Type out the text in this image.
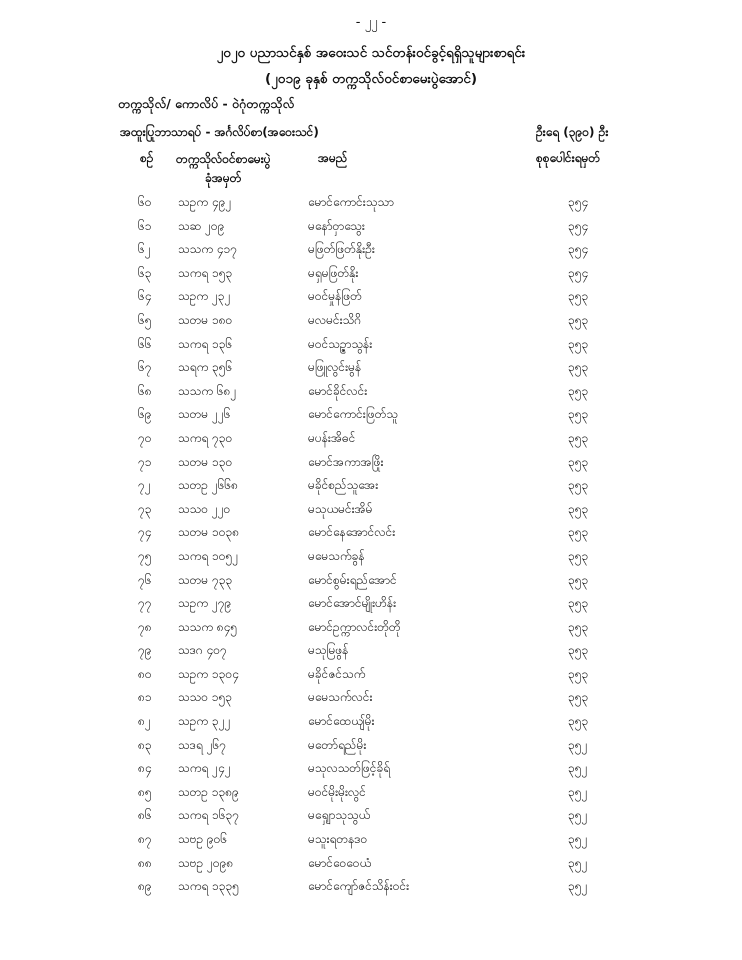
- ၂၂ -
၂၀၂၀ ပညာသင်နှစ် အဝေးသင် သင်တန်းဝင်ခွင့်ရရှိသူများစာရင်း
(၂၀၁၉ ခုနှစ် တက္ကသိုလ်ဝင်စာမေးပွဲအောင်)
တက္ကသိုလ်/ ကောလိပ် - ဝဲဂုံတက္ကသိုလ်
အထူးပြုဘာသာရပ် - အင်္ဂလိပ်စာ(အဝေးသင်)	ဦးရေ (၃၉၀) ဦး
စဉ် တက္ကသိုလ်ဝင်စာမေးပွဲ
ခုံအမှတ်
အမည်	စုစုပေါင်းရမှတ်
၆၀ သဥက ၄၉၂	မောင်ကောင်းသုသာ	၃၅၄
၆၁ သဆ ၂၀၉	မနော်ဝှာသွေး	၃၅၄
၆၂ သသက ၄၁၇	မဖြတ်ဖြတ်နိုးဦး	၃၅၄
၆၃ သကရ ၁၅၃	မရှမဖြတ်နိုး	၃၅၄
၆၄ သဥက ၂၃၂	မဝင်မှုန်ဖြတ်	၃၅၃
၆၅ သတမ ၁၈၀	မလမင်းသိဂိ	၃၅၃
၆၆ သကရ ၁၃၆	မဝင်သဥ္ဇာသွန်း	၃၅၃
၆၇ သရက ၃၅၆	မဖြူလွင်းမွန်	၃၅၃
၆၈ သသက ၆၈၂	မောင်ခိုင်လင်း	၃၅၃
၆၉ သတမ ၂၂၆	မောင်ကောင်းဖြတ်သူ	၃၅၃
၇၀ သကရ ၇၃၀	မပန်းအိဓင်	၃၅၃
၇၁ သတမ ၁၃၀	မောင်အကာအဖြိုး	၃၅၃
၇၂ သတဥ ၂၆၆၈	မခိုင်စည်သူအေး	၃၅၃
၇၃ သသဝ ၂၂၀	မသုယမင်းအိမ်	၃၅၃
၇၄ သတမ ၁၀၃၈	မောင်နေအောင်လင်း	၃၅၃
၇၅ သကရ ၁၀၅၂	မမေသက်ခွန်	၃၅၃
၇၆ သတမ ၇၃၃	မောင်စွမ်းရည်အောင်	၃၅၃
၇၇ သဥက ၂၇၉	မောင်အောင်မျိုးဟိန်း	၃၅၃
၇၈ သသက ၈၄၅	မောင်ဥက္ကာလင်းတိုတို	၃၅၃
၇၉ သဒဂ ၄၀၇	မသုမြဖွန်	၃၅၃
၈၀ သဥက ၁၃၀၄	မခိုင်ဇင်သက်	၃၅၃
၈၁ သသဝ ၁၅၃	မမေသက်လင်း	၃၅၃
၈၂ သဥက ၃၂၂	မောင်ထေယျ်မိုး	၃၅၃
၈၃ သဒရ ၂၆၇	မတော်ရည်မိုး	၃၅၂
၈၄ သကရ ၂၄၂	မသုလသတ်ဖြင့်ခိုရ်	၃၅၂
၈၅ သတဥ ၁၃၈၉	မဝင်မိုးမိုးလွင်	၃၅၂
၈၆ သကရ ၁၆၃၇	မရျှောသုသွယ်	၃၅၂
၈၇ သဗဥ ၉၀၆	မသူးရတနဒ၀	၃၅၂
၈၈ သဗဥ ၂၀၉၈	မောင်ဝေဝေယံ	၃၅၂
၈၉ သကရ ၁၃၃၅	မောင်ကျော်ဇင်သိန်းဝင်း	၃၅၂
